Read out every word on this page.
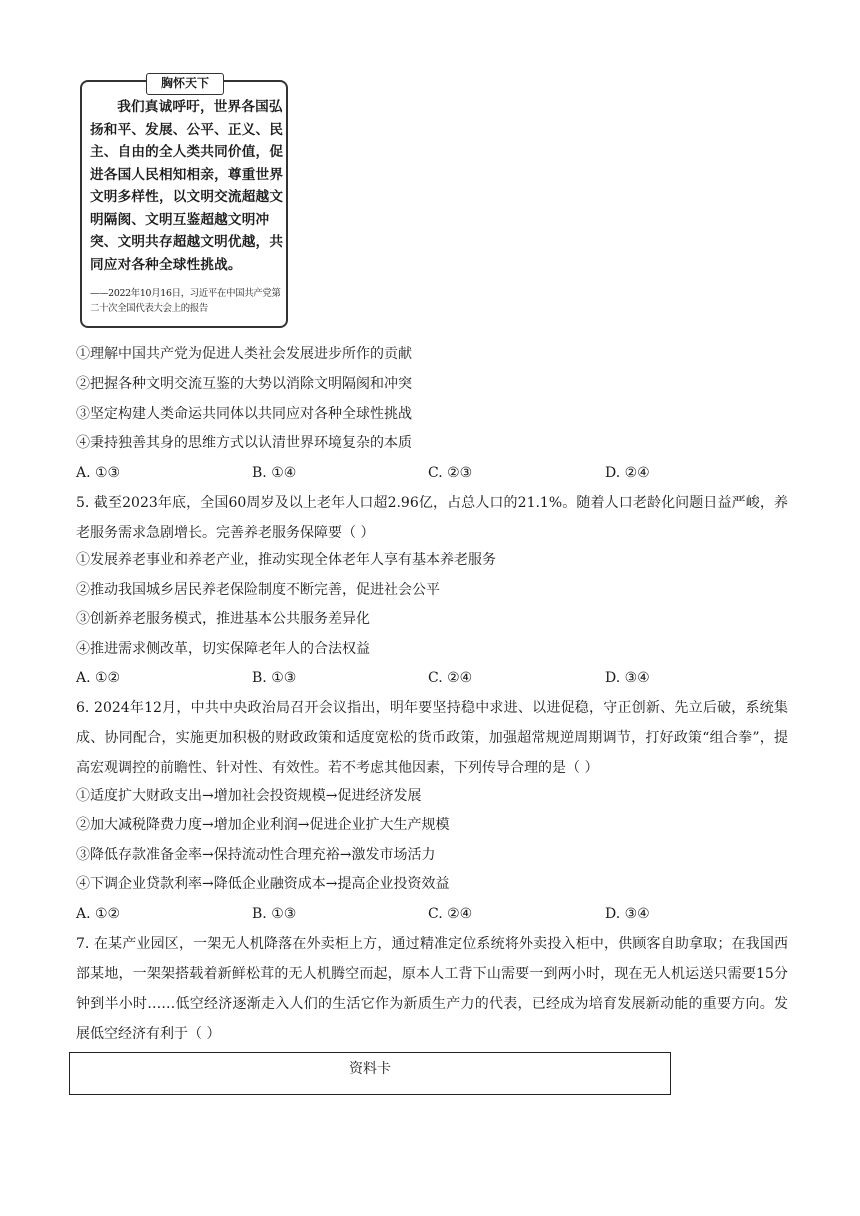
胸怀天下
我们真诚呼吁，世界各国弘扬和平、发展、公平、正义、民主、自由的全人类共同价值，促进各国人民相知相亲，尊重世界文明多样性，以文明交流超越文明隔阂、文明互鉴超越文明冲突、文明共存超越文明优越，共同应对各种全球性挑战。
——2022年10月16日，习近平在中国共产党第二十次全国代表大会上的报告
①理解中国共产党为促进人类社会发展进步所作的贡献
②把握各种文明交流互鉴的大势以消除文明隔阂和冲突
③坚定构建人类命运共同体以共同应对各种全球性挑战
④秉持独善其身的思维方式以认清世界环境复杂的本质
A. ①③	B. ①④	C. ②③	D. ②④
5. 截至2023年底，全国60周岁及以上老年人口超2.96亿，占总人口的21.1%。随着人口老龄化问题日益严峻，养老服务需求急剧增长。完善养老服务保障要（ ）
①发展养老事业和养老产业，推动实现全体老年人享有基本养老服务
②推动我国城乡居民养老保险制度不断完善，促进社会公平
③创新养老服务模式，推进基本公共服务差异化
④推进需求侧改革，切实保障老年人的合法权益
A. ①②	B. ①③	C. ②④	D. ③④
6. 2024年12月，中共中央政治局召开会议指出，明年要坚持稳中求进、以进促稳，守正创新、先立后破，系统集成、协同配合，实施更加积极的财政政策和适度宽松的货币政策，加强超常规逆周期调节，打好政策“组合拳”，提高宏观调控的前瞻性、针对性、有效性。若不考虑其他因素，下列传导合理的是（ ）
①适度扩大财政支出→增加社会投资规模→促进经济发展
②加大减税降费力度→增加企业利润→促进企业扩大生产规模
③降低存款准备金率→保持流动性合理充裕→激发市场活力
④下调企业贷款利率→降低企业融资成本→提高企业投资效益
A. ①②	B. ①③	C. ②④	D. ③④
7. 在某产业园区，一架无人机降落在外卖柜上方，通过精准定位系统将外卖投入柜中，供顾客自助拿取；在我国西部某地，一架架搭载着新鲜松茸的无人机腾空而起，原本人工背下山需要一到两小时，现在无人机运送只需要15分钟到半小时……低空经济逐渐走入人们的生活它作为新质生产力的代表，已经成为培育发展新动能的重要方向。发展低空经济有利于（ ）
资料卡
